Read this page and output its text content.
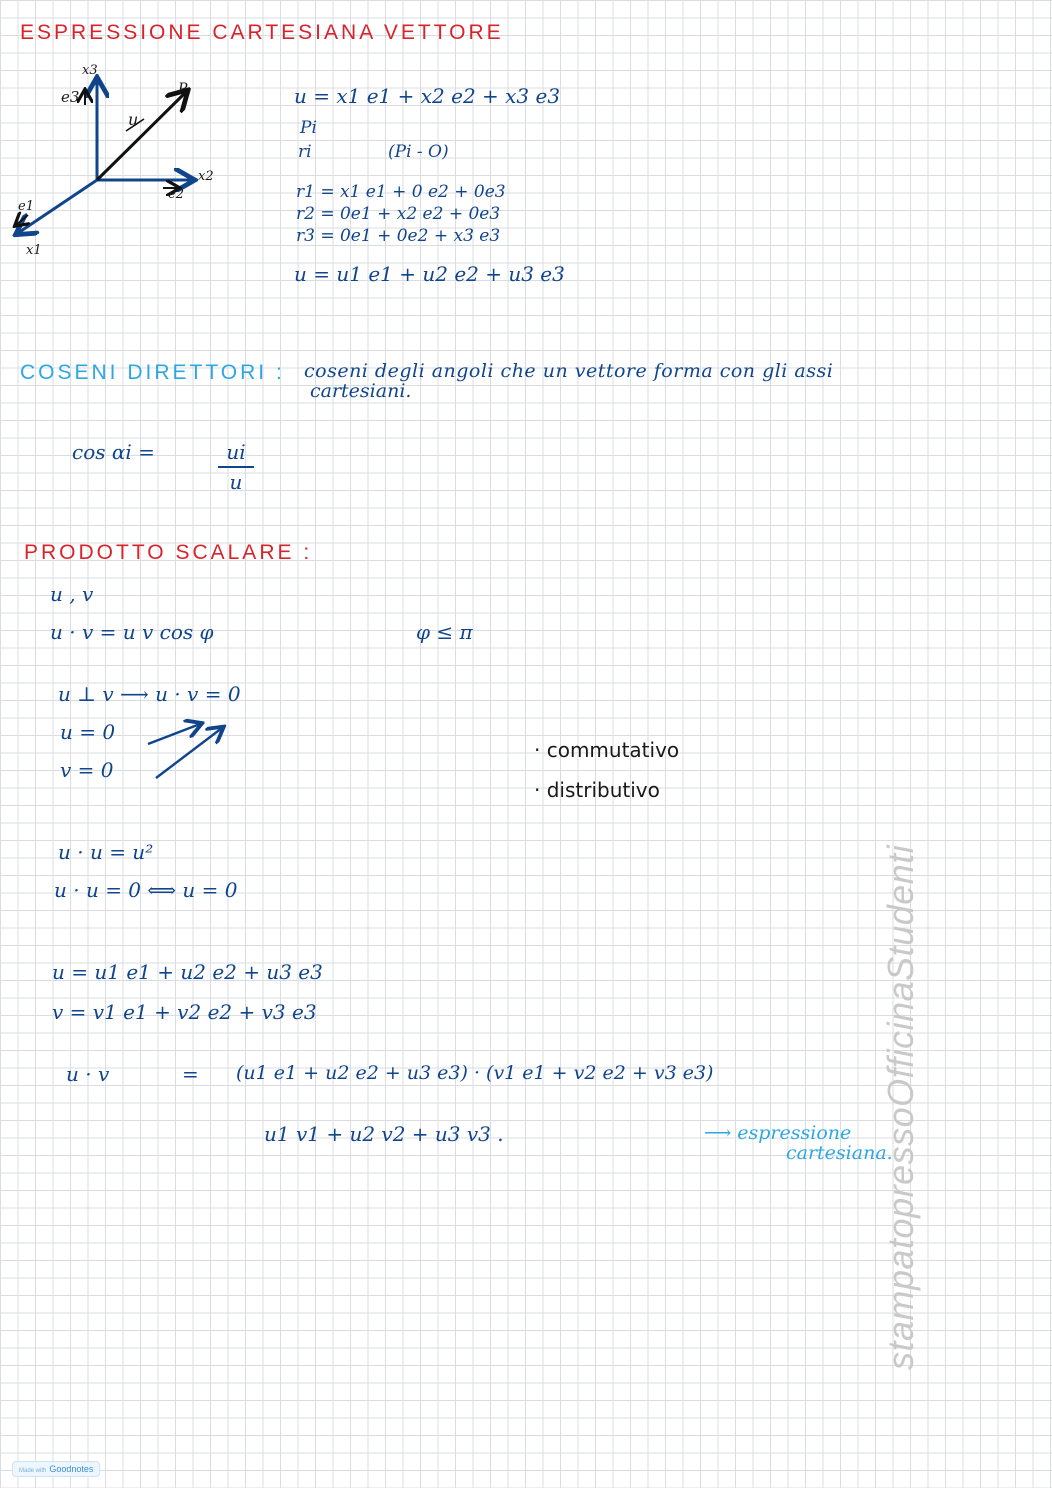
ESPRESSIONE CARTESIANA VETTORE
x3
e3
u
P
x2
e2
e1
x1
u = x1 e1 + x2 e2 + x3 e3
Pi
ri	(Pi - O)
r1 = x1 e1 + 0 e2 + 0e3
r2 = 0e1 + x2 e2 + 0e3
r3 = 0e1 + 0e2 + x3 e3
u = u1 e1 + u2 e2 + u3 e3
COSENI DIRETTORI : coseni degli angoli che un vettore forma con gli assi
cartesiani.
cos αi =	ui
u
PRODOTTO SCALARE :
u , v
u · v = u v cos φ	φ ≤ π
u ⊥ v ⟶ u · v = 0
u = 0
v = 0
· commutativo
· distributivo
u · u = u²
u · u = 0 ⟺ u = 0
u = u1 e1 + u2 e2 + u3 e3
v = v1 e1 + v2 e2 + v3 e3
u · v	= (u1 e1 + u2 e2 + u3 e3) · (v1 e1 + v2 e2 + v3 e3)
u1 v1 + u2 v2 + u3 v3 .	⟶ espressione
cartesiana.
stampatopressoOfficinaStudenti
Made with Goodnotes
